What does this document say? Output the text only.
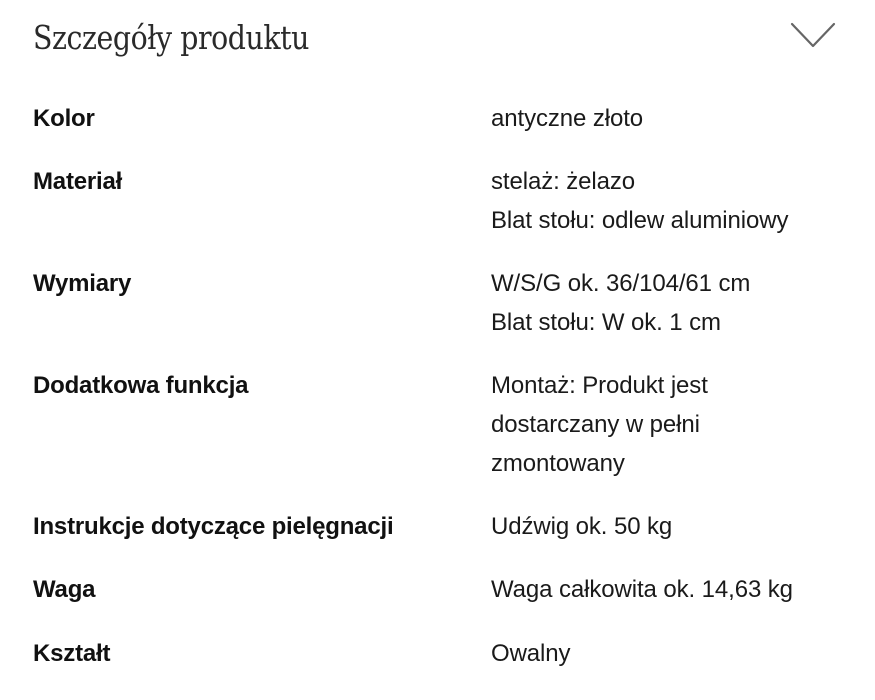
Szczegóły produktu
Kolor	antyczne złoto
Materiał	stelaż: żelazo
Blat stołu: odlew aluminiowy
Wymiary	W/S/G ok. 36/104/61 cm
Blat stołu: W ok. 1 cm
Dodatkowa funkcja	Montaż: Produkt jest
dostarczany w pełni
zmontowany
Instrukcje dotyczące pielęgnacji	Udźwig ok. 50 kg
Waga	Waga całkowita ok. 14,63 kg
Kształt	Owalny
